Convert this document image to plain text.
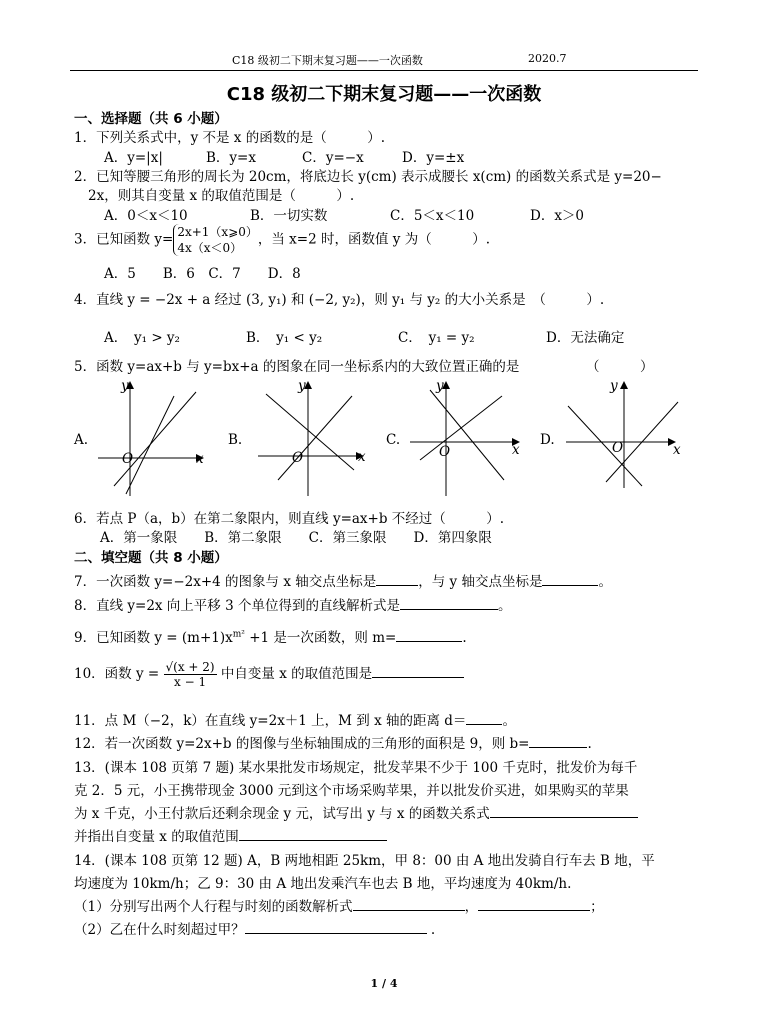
C18 级初二下期末复习题——一次函数	2020.7
C18 级初二下期末复习题——一次函数
一、选择题（共 6 小题）
1．下列关系式中，y 不是 x 的函数的是（　　　）.
A．y=|x|	B．y=x	C．y=−x	D．y=±x
2．已知等腰三角形的周长为 20cm，将底边长 y(cm) 表示成腰长 x(cm) 的函数关系式是 y=20−
2x，则其自变量 x 的取值范围是（　　　）.
A．0＜x＜10	B．一切实数	C．5＜x＜10	D．x＞0
3．已知函数 y= 2x+1（x⩾0）
4x（x＜0）
，当 x=2 时，函数值 y 为（　　　）.
A．5　　B．6　C．7　　D．8
4．直线 y = −2x + a 经过 (3, y₁) 和 (−2, y₂)，则 y₁ 与 y₂ 的大小关系是　（　　　）.
A．　y₁ > y₂	B．　y₁ < y₂	C．　y₁ = y₂	D．无法确定
5．函数 y=ax+b 与 y=bx+a 的图象在同一坐标系内的大致位置正确的是	（　　　）
A.	B.	C.	D.
y
x
O
y
x
O
y
x
O
y
x
O
6．若点 P（a，b）在第二象限内，则直线 y=ax+b 不经过（　　　）.
A．第一象限　　B．第二象限　　C．第三象限　　D．第四象限
二、填空题（共 8 小题）
7．一次函数 y=−2x+4 的图象与 x 轴交点坐标是	，与 y 轴交点坐标是	。
8．直线 y=2x 向上平移 3 个单位得到的直线解析式是	。
9．已知函数 $y = (m+1)x^{m^2} +1$ 是一次函数，则 m=	.
10．函数 $y = \frac{√(x + 2)}{x - 1}$ 中自变量 x 的取值范围是
11．点 M（−2，k）在直线 y=2x＋1 上，M 到 x 轴的距离 d＝	。
12．若一次函数 y=2x+b 的图像与坐标轴围成的三角形的面积是 9，则 b=	.
13．(课本 108 页第 7 题) 某水果批发市场规定，批发苹果不少于 100 千克时，批发价为每千
克 2．5 元，小王携带现金 3000 元到这个市场采购苹果，并以批发价买进，如果购买的苹果
为 x 千克，小王付款后还剩余现金 y 元，试写出 y 与 x 的函数关系式
并指出自变量 x 的取值范围
14．(课本 108 页第 12 题) A，B 两地相距 25km，甲 8：00 由 A 地出发骑自行车去 B 地，平
均速度为 10km/h；乙 9：30 由 A 地出发乘汽车也去 B 地，平均速度为 40km/h.
（1）分别写出两个人行程与时刻的函数解析式	，	；
（2）乙在什么时刻超过甲？	.
1 / 4
